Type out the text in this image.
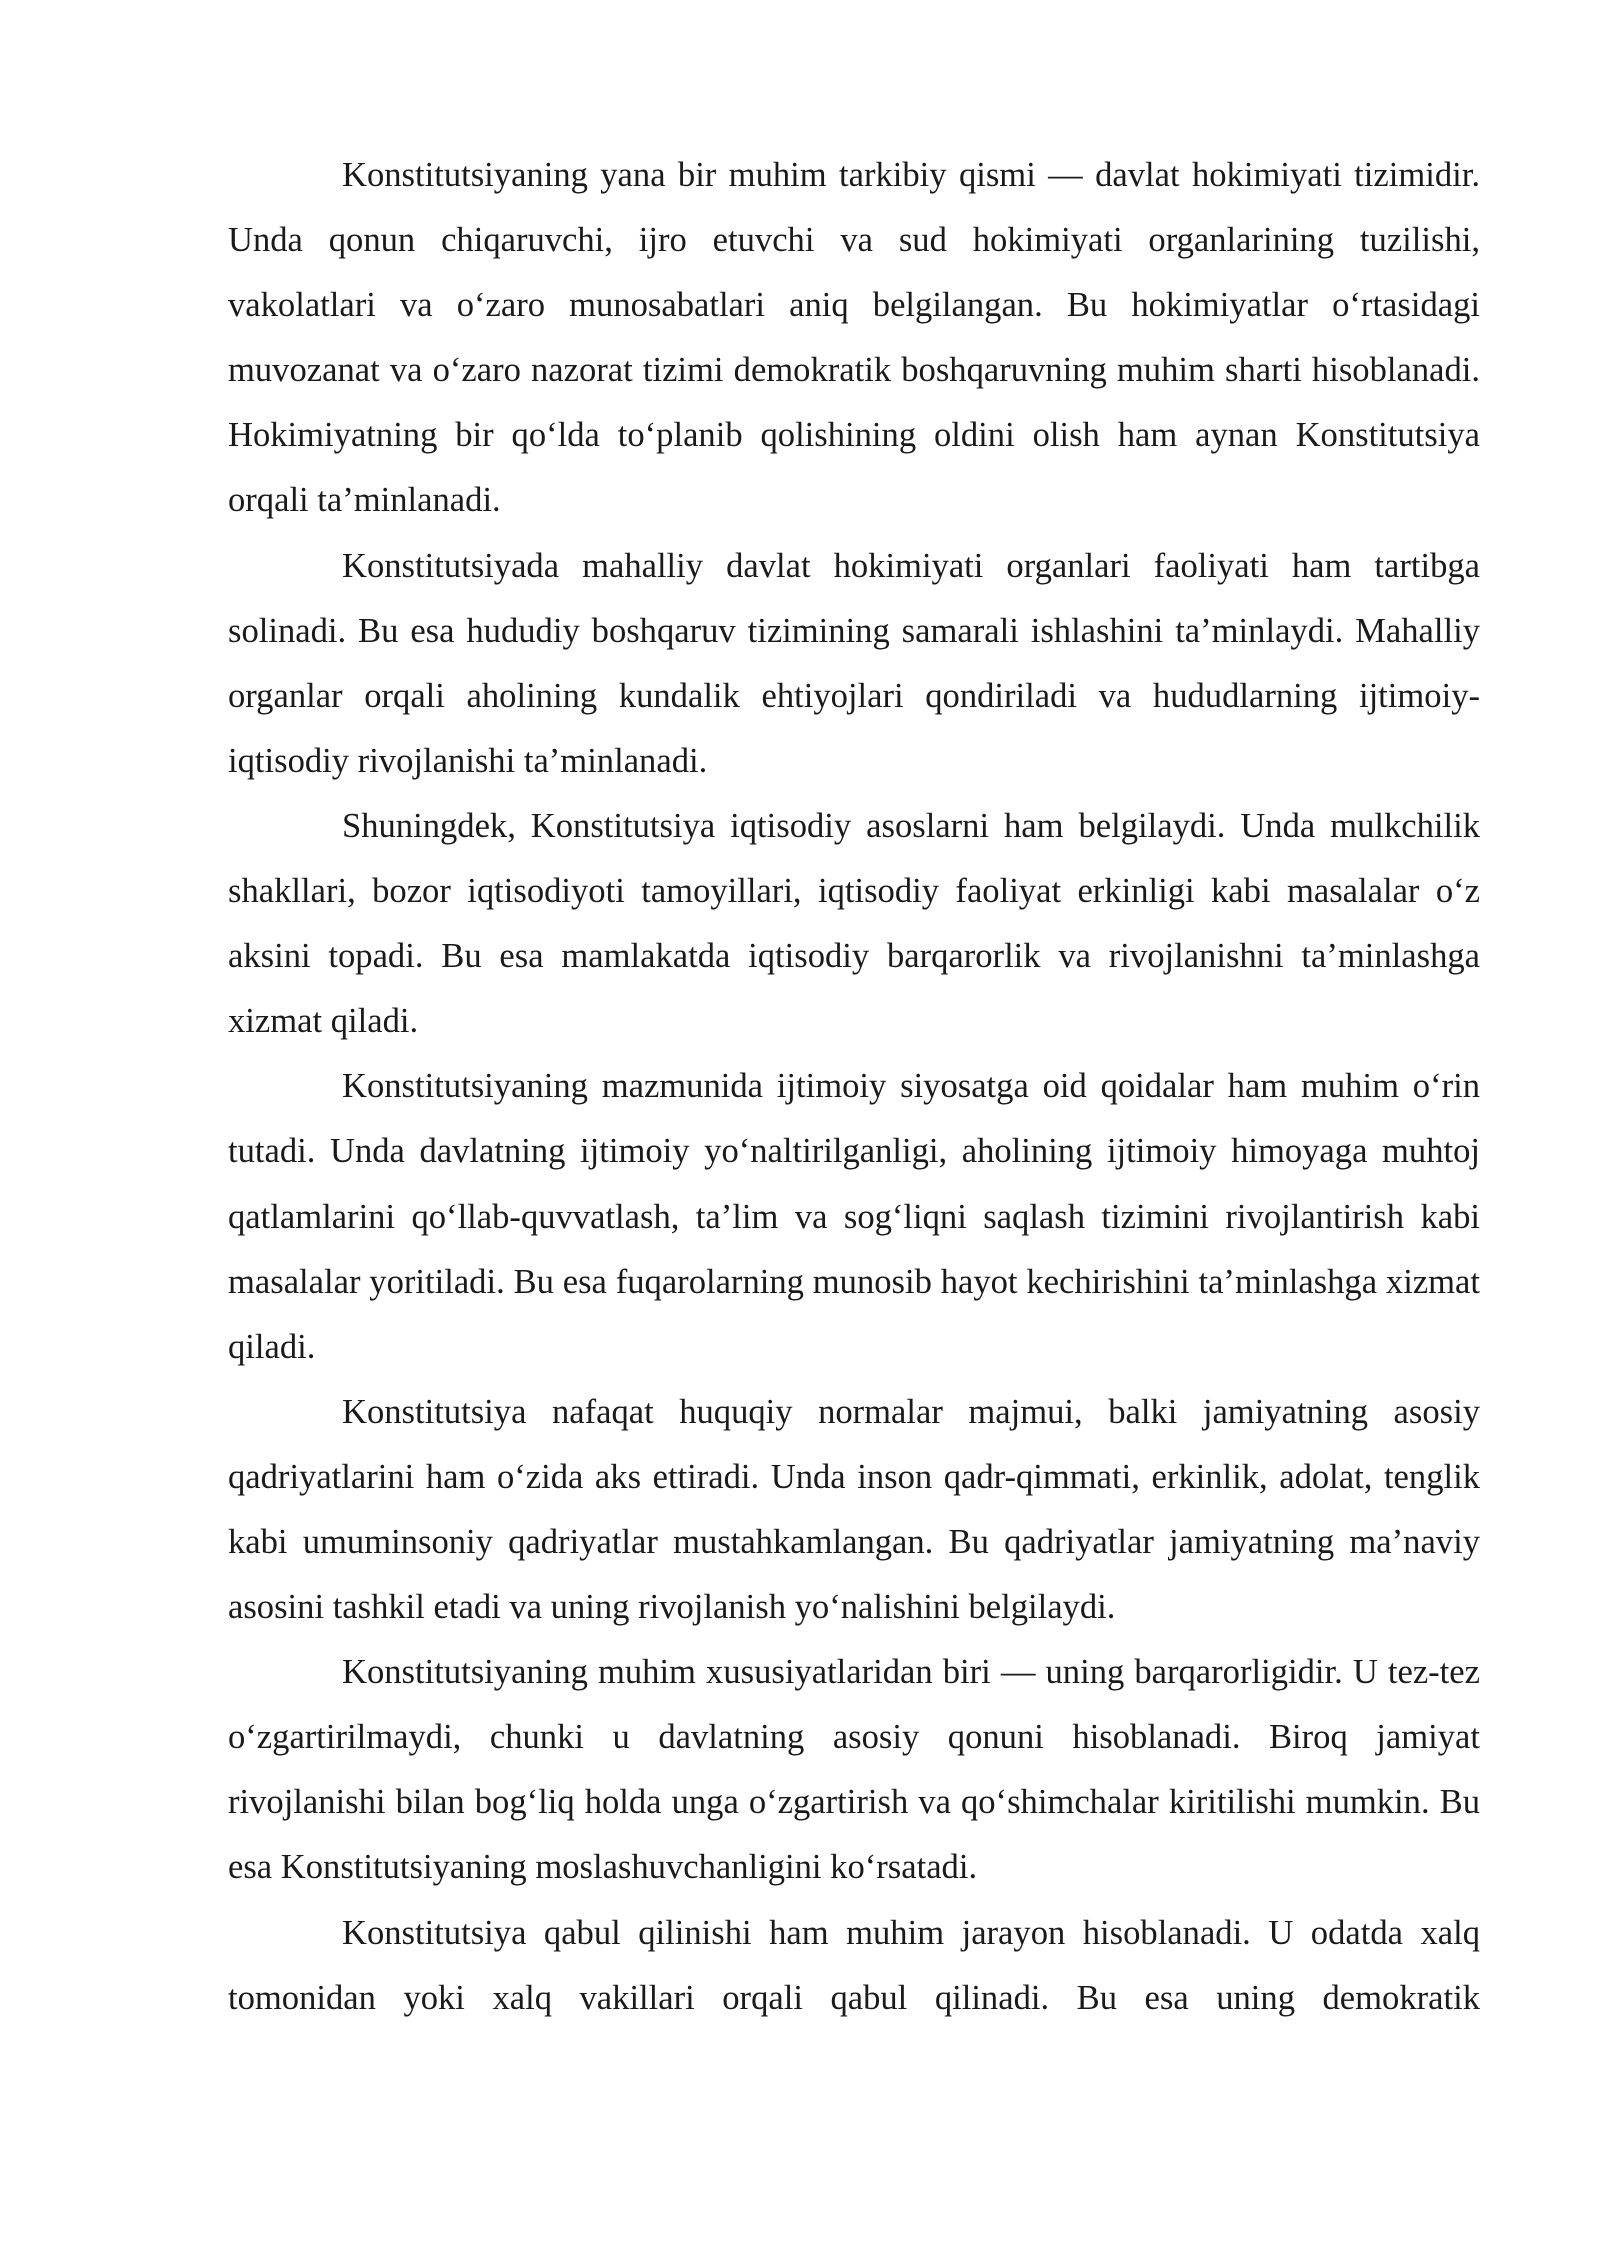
Konstitutsiyaning yana bir muhim tarkibiy qismi — davlat hokimiyati tizimidir. Unda qonun chiqaruvchi, ijro etuvchi va sud hokimiyati organlarining tuzilishi, vakolatlari va o‘zaro munosabatlari aniq belgilangan. Bu hokimiyatlar o‘rtasidagi muvozanat va o‘zaro nazorat tizimi demokratik boshqaruvning muhim sharti hisoblanadi. Hokimiyatning bir qo‘lda to‘planib qolishining oldini olish ham aynan Konstitutsiya orqali ta’minlanadi.

Konstitutsiyada mahalliy davlat hokimiyati organlari faoliyati ham tartibga solinadi. Bu esa hududiy boshqaruv tizimining samarali ishlashini ta’minlaydi. Mahalliy organlar orqali aholining kundalik ehtiyojlari qondiriladi va hududlarning ijtimoiy-iqtisodiy rivojlanishi ta’minlanadi.

Shuningdek, Konstitutsiya iqtisodiy asoslarni ham belgilaydi. Unda mulkchilik shakllari, bozor iqtisodiyoti tamoyillari, iqtisodiy faoliyat erkinligi kabi masalalar o‘z aksini topadi. Bu esa mamlakatda iqtisodiy barqarorlik va rivojlanishni ta’minlashga xizmat qiladi.

Konstitutsiyaning mazmunida ijtimoiy siyosatga oid qoidalar ham muhim o‘rin tutadi. Unda davlatning ijtimoiy yo‘naltirilganligi, aholining ijtimoiy himoyaga muhtoj qatlamlarini qo‘llab-quvvatlash, ta’lim va sog‘liqni saqlash tizimini rivojlantirish kabi masalalar yoritiladi. Bu esa fuqarolarning munosib hayot kechirishini ta’minlashga xizmat qiladi.

Konstitutsiya nafaqat huquqiy normalar majmui, balki jamiyatning asosiy qadriyatlarini ham o‘zida aks ettiradi. Unda inson qadr-qimmati, erkinlik, adolat, tenglik kabi umuminsoniy qadriyatlar mustahkamlangan. Bu qadriyatlar jamiyatning ma’naviy asosini tashkil etadi va uning rivojlanish yo‘nalishini belgilaydi.

Konstitutsiyaning muhim xususiyatlaridan biri — uning barqarorligidir. U tez-tez o‘zgartirilmaydi, chunki u davlatning asosiy qonuni hisoblanadi. Biroq jamiyat rivojlanishi bilan bog‘liq holda unga o‘zgartirish va qo‘shimchalar kiritilishi mumkin. Bu esa Konstitutsiyaning moslashuvchanligini ko‘rsatadi.

Konstitutsiya qabul qilinishi ham muhim jarayon hisoblanadi. U odatda xalq tomonidan yoki xalq vakillari orqali qabul qilinadi. Bu esa uning demokratik
